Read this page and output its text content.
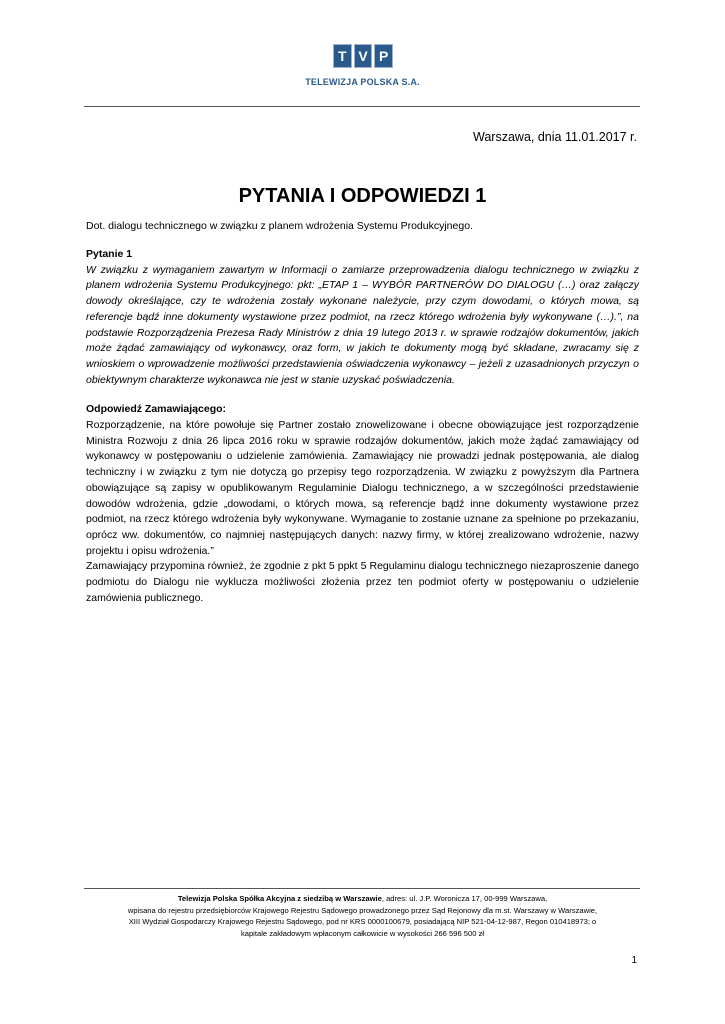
T V P
TELEWIZJA POLSKA S.A.
Warszawa, dnia 11.01.2017 r.
PYTANIA I ODPOWIEDZI 1
Dot. dialogu technicznego w związku z planem wdrożenia Systemu Produkcyjnego.

Pytanie 1

W związku z wymaganiem zawartym w Informacji o zamiarze przeprowadzenia dialogu technicznego w związku z planem wdrożenia Systemu Produkcyjnego: pkt: „ETAP 1 – WYBÓR PARTNERÓW DO DIALOGU (…) oraz załączy dowody określające, czy te wdrożenia zostały wykonane należycie, przy czym dowodami, o których mowa, są referencje bądź inne dokumenty wystawione przez podmiot, na rzecz którego wdrożenia były wykonywane (…).”, na podstawie Rozporządzenia Prezesa Rady Ministrów z dnia 19 lutego 2013 r. w sprawie rodzajów dokumentów, jakich może żądać zamawiający od wykonawcy, oraz form, w jakich te dokumenty mogą być składane, zwracamy się z wnioskiem o wprowadzenie możliwości przedstawienia oświadczenia wykonawcy – jeżeli z uzasadnionych przyczyn o obiektywnym charakterze wykonawca nie jest w stanie uzyskać poświadczenia.

Odpowiedź Zamawiającego:

Rozporządzenie, na które powołuje się Partner zostało znowelizowane i obecne obowiązujące jest rozporządzenie Ministra Rozwoju z dnia 26 lipca 2016 roku w sprawie rodzajów dokumentów, jakich może żądać zamawiający od wykonawcy w postępowaniu o udzielenie zamówienia. Zamawiający nie prowadzi jednak postępowania, ale dialog techniczny i w związku z tym nie dotyczą go przepisy tego rozporządzenia. W związku z powyższym dla Partnera obowiązujące są zapisy w opublikowanym Regulaminie Dialogu technicznego, a w szczególności przedstawienie dowodów wdrożenia, gdzie „dowodami, o których mowa, są referencje bądź inne dokumenty wystawione przez podmiot, na rzecz którego wdrożenia były wykonywane. Wymaganie to zostanie uznane za spełnione po przekazaniu, oprócz ww. dokumentów, co najmniej następujących danych: nazwy firmy, w której zrealizowano wdrożenie, nazwy projektu i opisu wdrożenia.”

Zamawiający przypomina również, że zgodnie z pkt 5 ppkt 5 Regulaminu dialogu technicznego niezaproszenie danego podmiotu do Dialogu nie wyklucza możliwości złożenia przez ten podmiot oferty w postępowaniu o udzielenie zamówienia publicznego.

Telewizja Polska Spółka Akcyjna z siedzibą w Warszawie, adres: ul. J.P. Woronicza 17, 00-999 Warszawa,
wpisana do rejestru przedsiębiorców Krajowego Rejestru Sądowego prowadzonego przez Sąd Rejonowy dla m.st. Warszawy w Warszawie,
XIII Wydział Gospodarczy Krajowego Rejestru Sądowego, pod nr KRS 0000100679, posiadającą NIP 521-04-12-987, Regon 010418973; o
kapitale zakładowym wpłaconym całkowicie w wysokości 266 596 500 zł
1
